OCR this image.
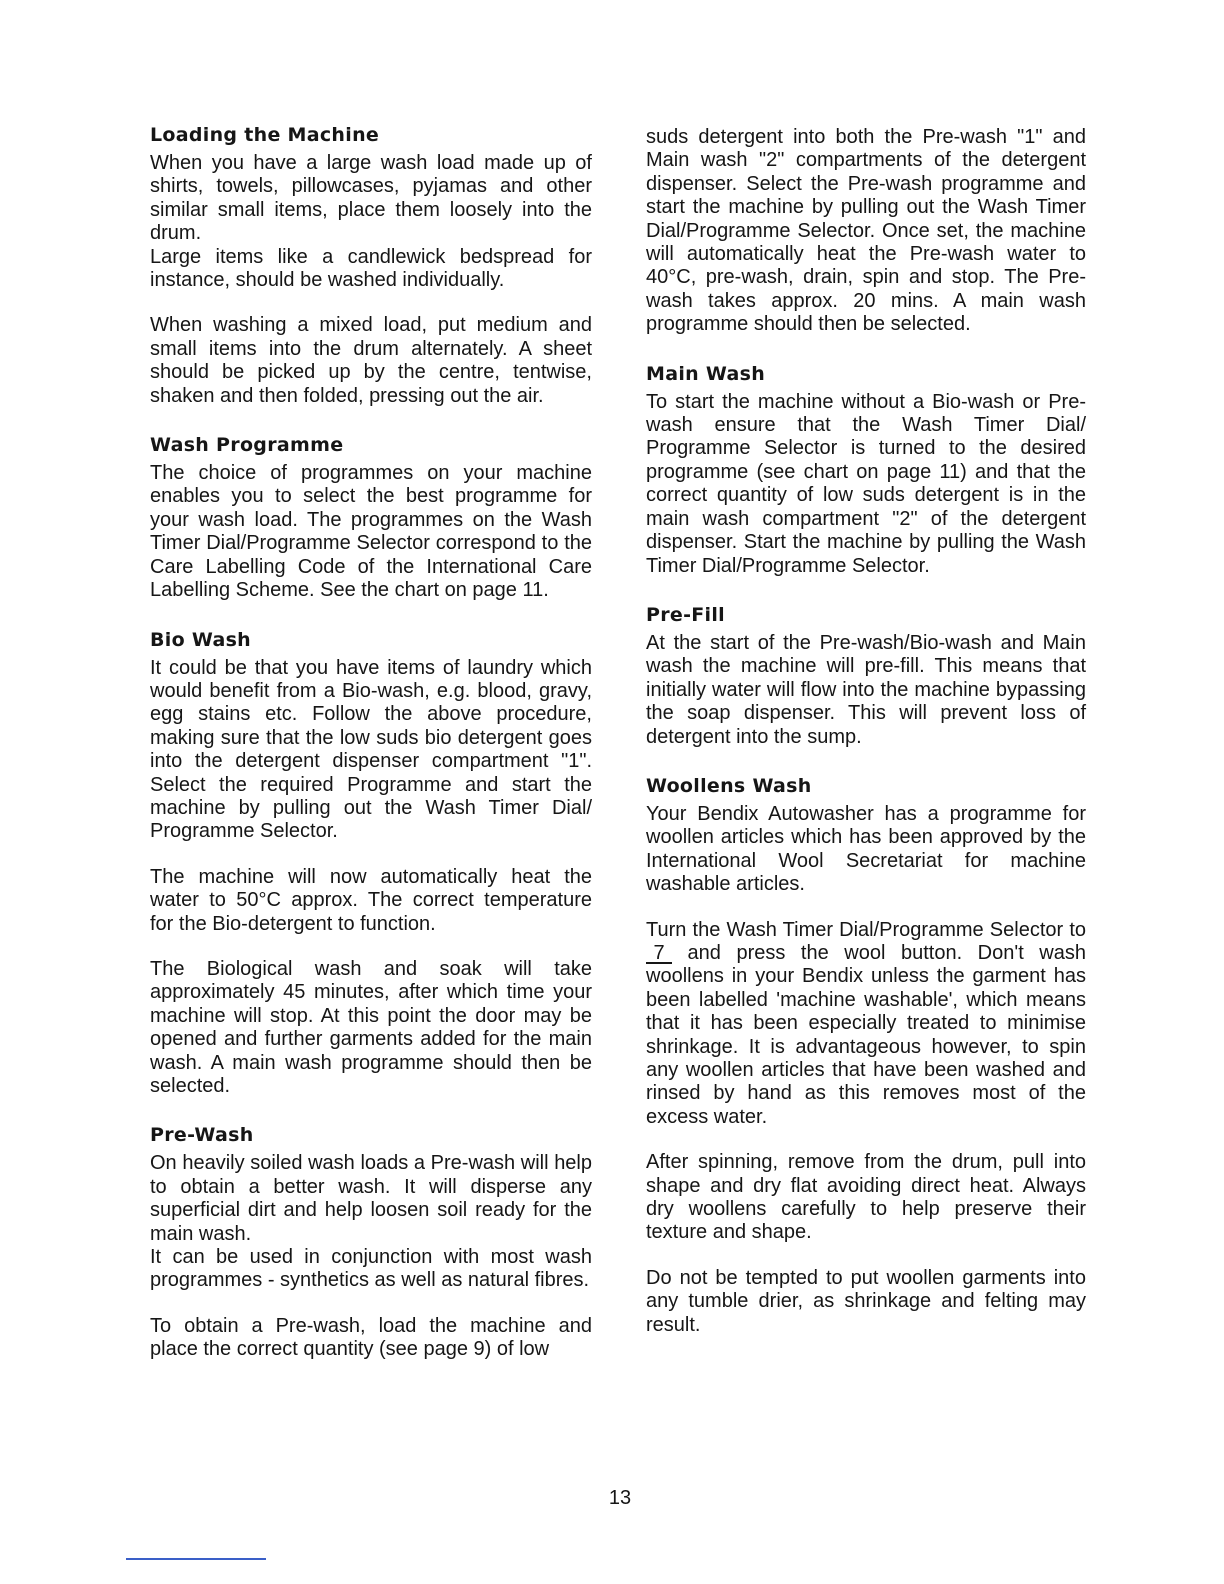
Loading the Machine

When you have a large wash load made up of shirts, towels, pillowcases, pyjamas and other similar small items, place them loosely into the drum.

Large items like a candlewick bedspread for instance, should be washed individually.

When washing a mixed load, put medium and small items into the drum alternately. A sheet should be picked up by the centre, tentwise, shaken and then folded, pressing out the air.

Wash Programme

The choice of programmes on your machine enables you to select the best programme for your wash load. The programmes on the Wash Timer Dial/Programme Selector correspond to the Care Labelling Code of the International Care Labelling Scheme. See the chart on page 11.

Bio Wash

It could be that you have items of laundry which would benefit from a Bio-wash, e.g. blood, gravy, egg stains etc. Follow the above procedure, making sure that the low suds bio detergent goes into the detergent dispenser compartment "1". Select the required Programme and start the machine by pulling out the Wash Timer Dial/ Programme Selector.

The machine will now automatically heat the water to 50°C approx. The correct temperature for the Bio-detergent to function.

The Biological wash and soak will take approximately 45 minutes, after which time your machine will stop. At this point the door may be opened and further garments added for the main wash. A main wash programme should then be selected.

Pre-Wash

On heavily soiled wash loads a Pre-wash will help to obtain a better wash. It will disperse any superficial dirt and help loosen soil ready for the main wash.

It can be used in conjunction with most wash programmes - synthetics as well as natural fibres.

To obtain a Pre-wash, load the machine and place the correct quantity (see page 9) of low

suds detergent into both the Pre-wash "1" and Main wash "2" compartments of the detergent dispenser. Select the Pre-wash programme and start the machine by pulling out the Wash Timer Dial/Programme Selector. Once set, the machine will automatically heat the Pre-wash water to 40°C, pre-wash, drain, spin and stop. The Pre-wash takes approx. 20 mins. A main wash programme should then be selected.

Main Wash

To start the machine without a Bio-wash or Pre-wash ensure that the Wash Timer Dial/ Programme Selector is turned to the desired programme (see chart on page 11) and that the correct quantity of low suds detergent is in the main wash compartment "2" of the detergent dispenser. Start the machine by pulling the Wash Timer Dial/Programme Selector.

Pre-Fill

At the start of the Pre-wash/Bio-wash and Main wash the machine will pre-fill. This means that initially water will flow into the machine bypassing the soap dispenser. This will prevent loss of detergent into the sump.

Woollens Wash

Your Bendix Autowasher has a programme for woollen articles which has been approved by the International Wool Secretariat for machine washable articles.

Turn the Wash Timer Dial/Programme Selector to 7 and press the wool button. Don't wash woollens in your Bendix unless the garment has been labelled 'machine washable', which means that it has been especially treated to minimise shrinkage. It is advantageous however, to spin any woollen articles that have been washed and rinsed by hand as this removes most of the excess water.

After spinning, remove from the drum, pull into shape and dry flat avoiding direct heat. Always dry woollens carefully to help preserve their texture and shape.

Do not be tempted to put woollen garments into any tumble drier, as shrinkage and felting may result.

13
